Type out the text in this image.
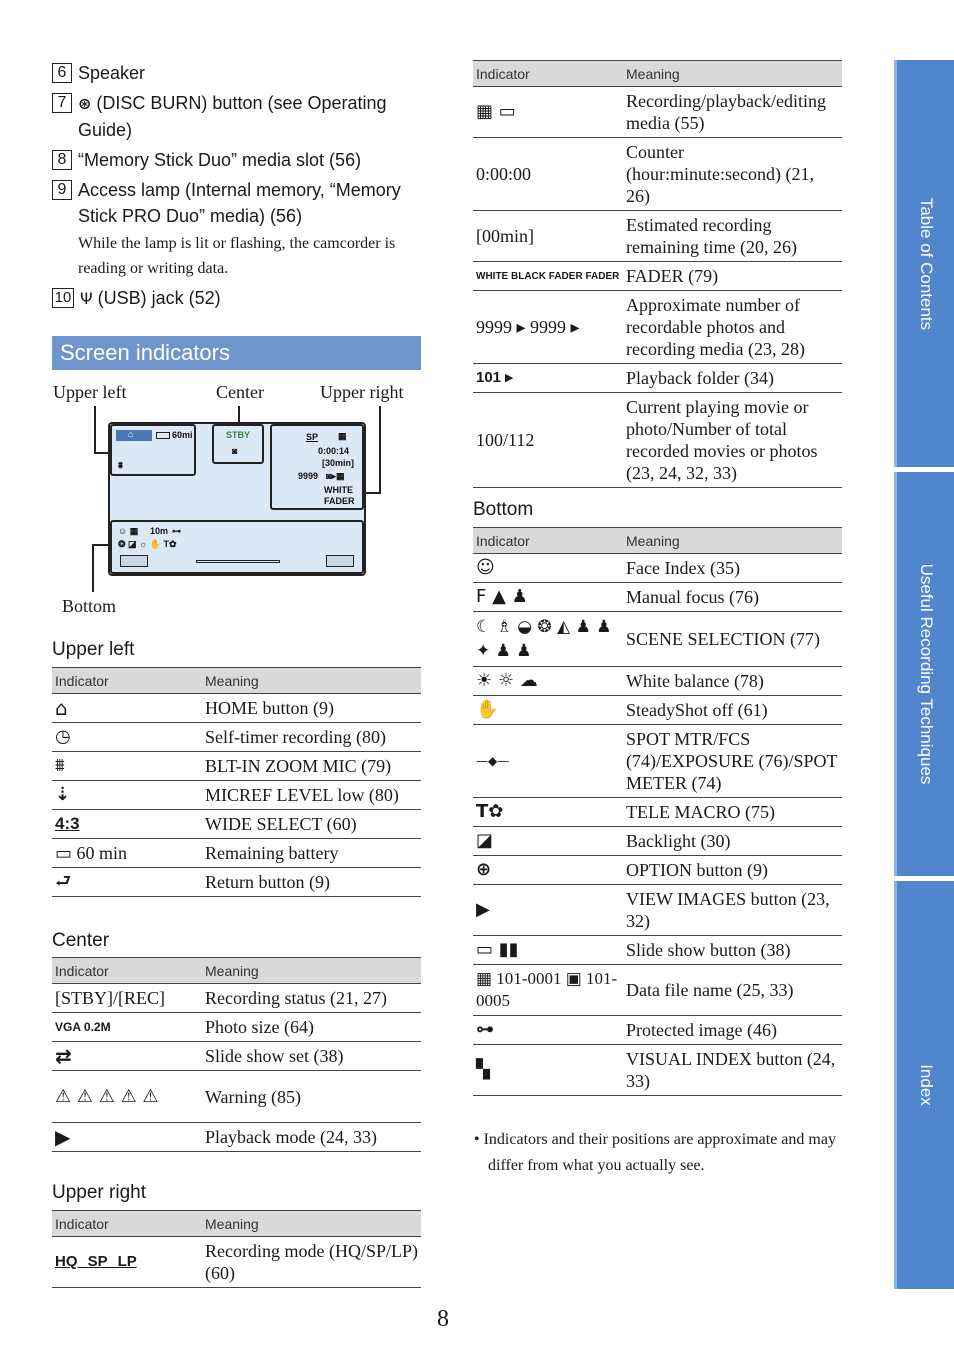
6 Speaker
7 ⊛ (DISC BURN) button (see Operating Guide)
8 “Memory Stick Duo” media slot (56)
9 Access lamp (Internal memory, “Memory Stick PRO Duo” media) (56)
While the lamp is lit or flashing, the camcorder is reading or writing data.
10 Ψ (USB) jack (52)
Screen indicators
Upper left	Center	Upper right
Bottom
⌂	60mi
⩩
STBY
◙
SP ▦
0:00:14
[30min]
9999 ◙▸▦
WHITE
FADER
☺ ▦ 10m ⊶
❂ ◪ ☼ ✋ T✿
Upper left
Indicator	Meaning
⌂	HOME button (9)
◷	Self-timer recording (80)
⩩	BLT-IN ZOOM MIC (79)
⇣	MICREF LEVEL low (80)
4:3	WIDE SELECT (60)
▭ 60 min	Remaining battery
⮐	Return button (9)
Center
Indicator	Meaning
[STBY]/[REC]	Recording status (21, 27)
VGA 0.2M	Photo size (64)
⇄	Slide show set (38)
⚠ ⚠ ⚠ ⚠ ⚠	Warning (85)
▶	Playback mode (24, 33)
Upper right
Indicator	Meaning
HQ SP LP	Recording mode (HQ/SP/LP) (60)
Indicator	Meaning
▦ ▭	Recording/playback/editing media (55)
0:00:00	Counter (hour:minute:second) (21, 26)
[00min]	Estimated recording remaining time (20, 26)
WHITE BLACK FADER FADER	FADER (79)
9999 ▸ 9999 ▸	Approximate number of recordable photos and recording media (23, 28)
101 ▸	Playback folder (34)
100/112	Current playing movie or photo/Number of total recorded movies or photos (23, 24, 32, 33)
Bottom
Indicator	Meaning
☺	Face Index (35)
F ▲ ♟	Manual focus (76)
☾ ♗ ◒ ❂ ◭ ♟ ♟ ✦ ♟ ♟	SCENE SELECTION (77)
☀ ☼ ☁	White balance (78)
✋	SteadyShot off (61)
—◆—	SPOT MTR/FCS (74)/EXPOSURE (76)/SPOT METER (74)
T✿	TELE MACRO (75)
◪	Backlight (30)
⊕	OPTION button (9)
▶	VIEW IMAGES button (23, 32)
▭ ▮▮	Slide show button (38)
▦ 101-0001 ▣ 101-0005	Data file name (25, 33)
⊶	Protected image (46)
▚	VISUAL INDEX button (24, 33)
• Indicators and their positions are approximate and may differ from what you actually see.
Table of Contents
Useful Recording Techniques
Index
8
